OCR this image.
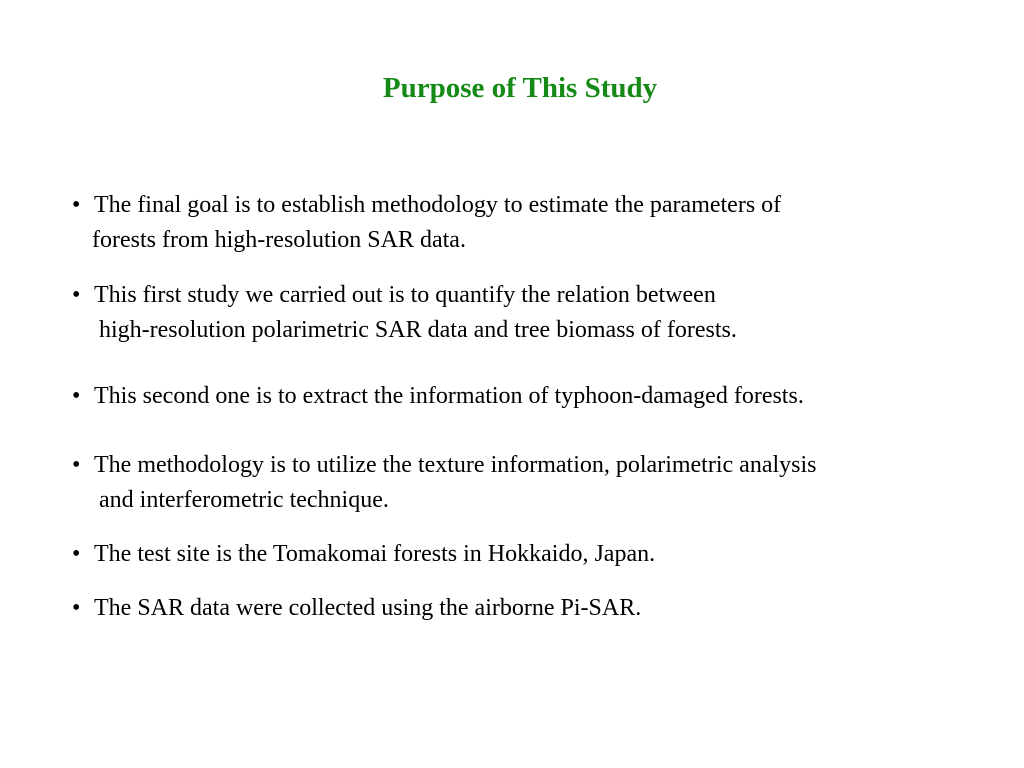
Purpose of This Study
• The final goal is to establish methodology to estimate the parameters of
forests from high-resolution SAR data.
• This first study we carried out is to quantify the relation between
high-resolution polarimetric SAR data and tree biomass of forests.
• This second one is to extract the information of typhoon-damaged forests.
• The methodology is to utilize the texture information, polarimetric analysis
and interferometric technique.
• The test site is the Tomakomai forests in Hokkaido, Japan.
• The SAR data were collected using the airborne Pi-SAR.
